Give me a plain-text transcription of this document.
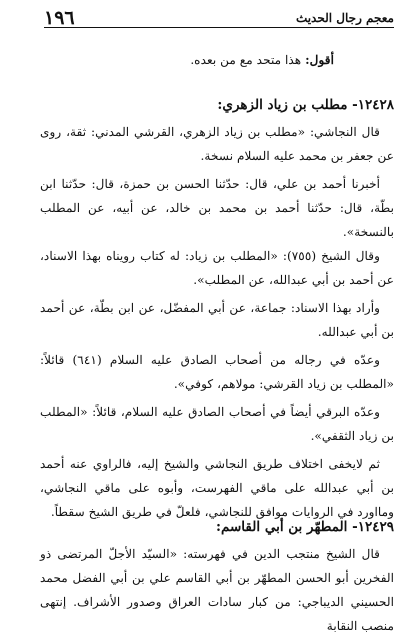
معجم رجال الحديث
١٩٦

أقول: هذا متحد مع من بعده.

١٢٤٢٨- مطلب بن زياد الزهري:

قال النجاشي: «مطلب بن زياد الزهري، القرشي المدني: ثقة، روى عن جعفر بن محمد عليه السلام نسخة.

أخبرنا أحمد بن علي، قال: حدّثنا الحسن بن حمزة، قال: حدّثنا ابن بطّة، قال: حدّثنا أحمد بن محمد بن خالد، عن أبيه، عن المطلب بالنسخة».

وقال الشيخ (٧٥٥): «المطلب بن زياد: له كتاب رويناه بهذا الاسناد، عن أحمد بن أبي عبدالله، عن المطلب».

وأراد بهذا الاسناد: جماعة، عن أبي المفضّل، عن ابن بطّة، عن أحمد بن أبي عبدالله.

وعدّه في رجاله من أصحاب الصادق عليه السلام (٦٤١) قائلاً: «المطلب بن زياد القرشي: مولاهم، كوفي».

وعدّه البرقي أيضاً في أصحاب الصادق عليه السلام، قائلاً: «المطلب بن زياد الثقفي».

ثم لايخفى اختلاف طريق النجاشي والشيخ إليه، فالراوي عنه أحمد بن أبي عبدالله على ماقي الفهرست، وأبوه على ماقي النجاشي، ومااورد في الروايات موافق للنجاشي، فلعلّ في طريق الشيخ سقطاً.

١٢٤٢٩- المطهّر بن أبي القاسم:

قال الشيخ منتجب الدين في فهرسته: «السيّد الأجلّ المرتضى ذو الفخرين أبو الحسن المطهّر بن أبي القاسم علي بن أبي الفضل محمد الحسيني الديباجي: من كبار سادات العراق وصدور الأشراف. إنتهى منصب النقابة
